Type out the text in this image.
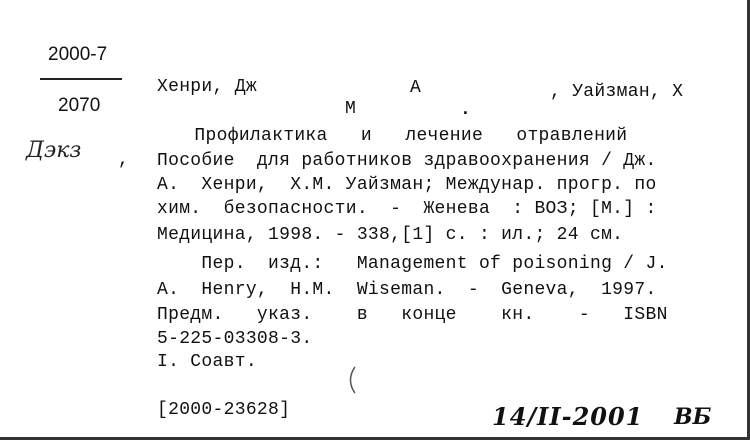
2000-7
2070
Дэкз ,
Хенри, Дж	А	, Уайзман, Х
М	.
Профилактика   и   лечение   отравлений
Пособие  для работников здравоохранения / Дж.
А.  Хенри,  Х.М. Уайзман; Междунар. прогр. по
хим.  безопасности.  -  Женева  : ВОЗ; [М.] :
Медицина, 1998. - 338,[1] с. : ил.; 24 см.
Пер.  изд.:   Management of poisoning / J.
А.  Henry,  Н.М.  Wiseman.  -  Geneva,  1997.
Предм.   указ.    в   конце    кн.    -   ISBN
5-225-03308-3.
I. Соавт.
[2000-23628]	14/II-2001 ВБ
